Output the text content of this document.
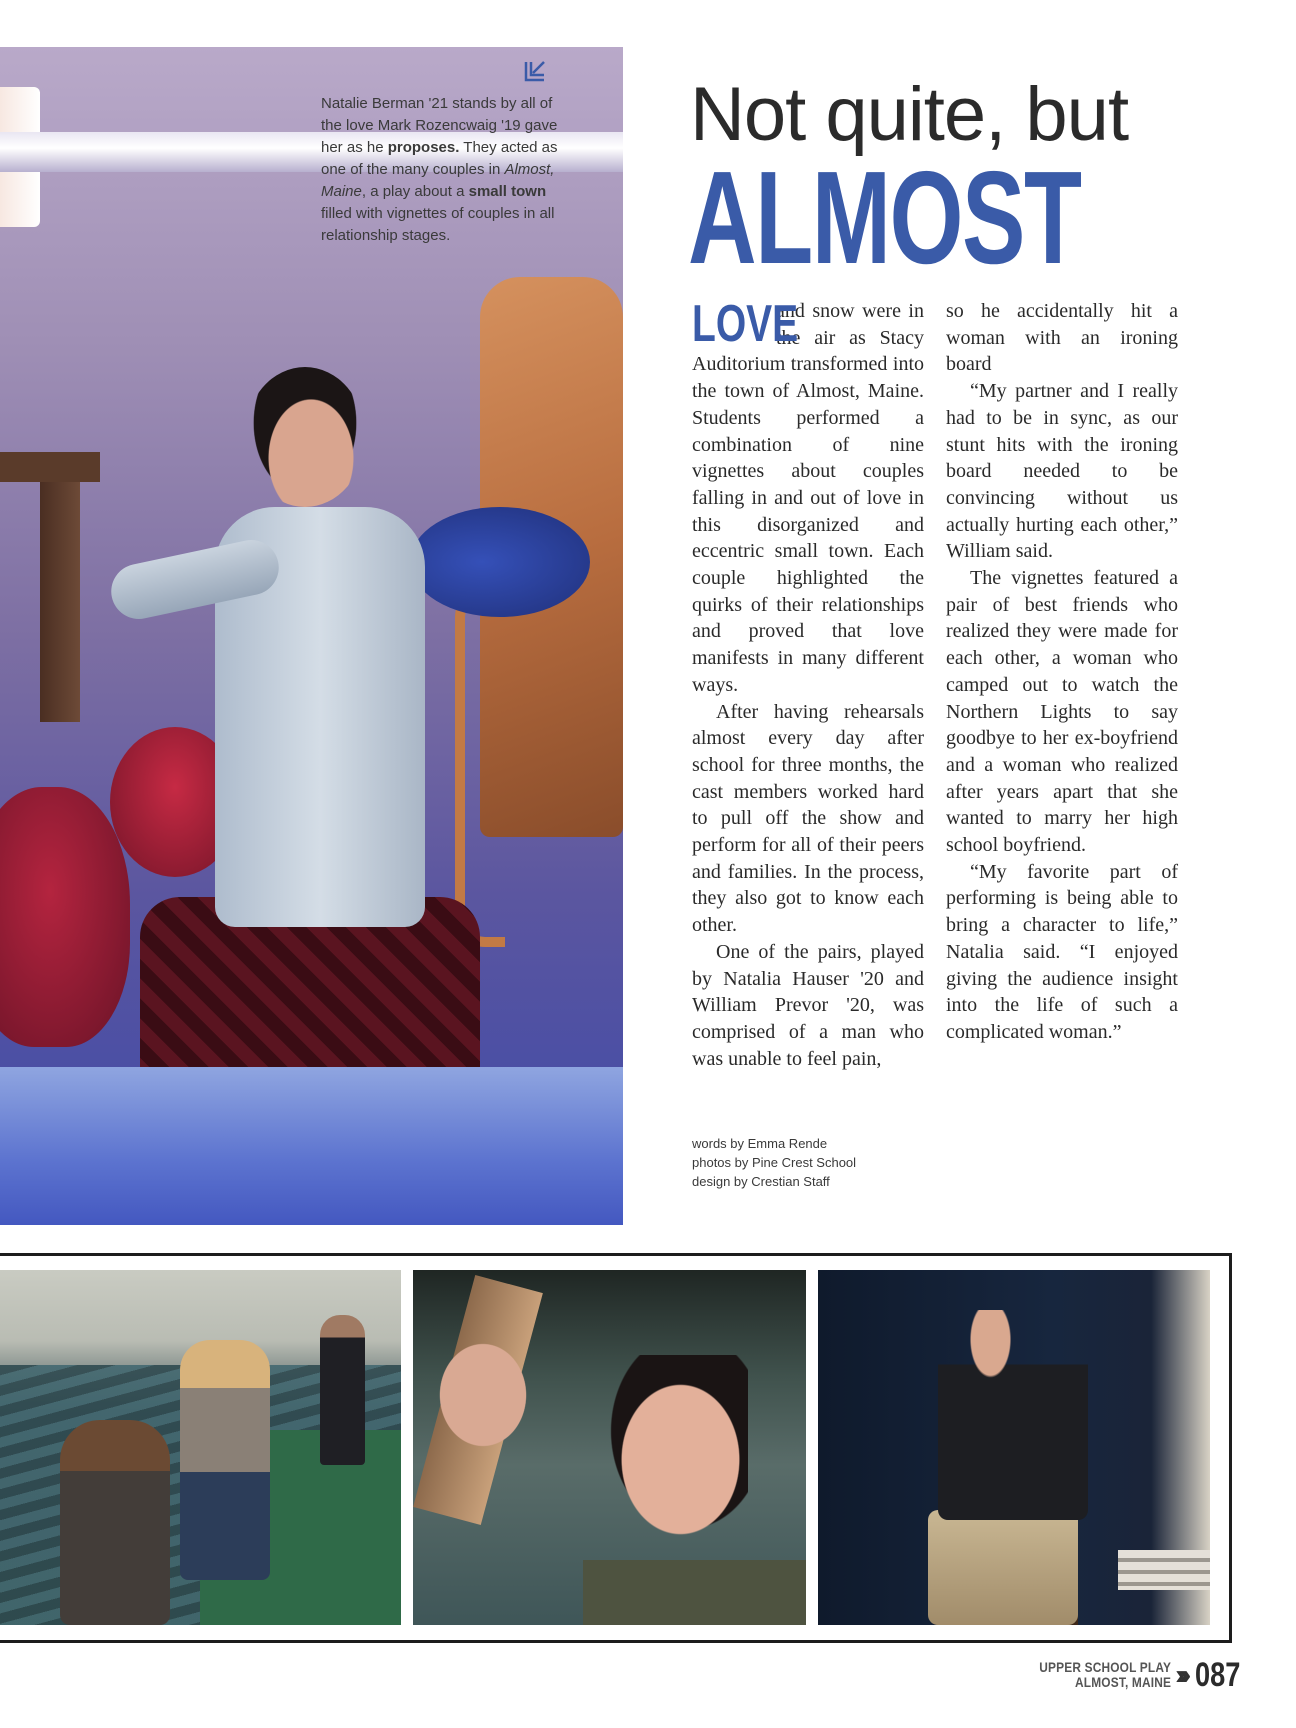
Natalie Berman '21 stands by all of the love Mark Rozencwaig '19 gave her as he proposes. They acted as one of the many couples in Almost, Maine, a play about a small town filled with vignettes of couples in all relationship stages.
Not quite, but
ALMOST

LOVE
and snow were in the air as Stacy Auditorium transformed into the town of Almost, Maine. Students performed a combination of nine vignettes about couples falling in and out of love in this disorganized and eccentric small town. Each couple highlighted the quirks of their relationships and proved that love manifests in many different ways.

After having rehearsals almost every day after school for three months, the cast members worked hard to pull off the show and perform for all of their peers and families. In the process, they also got to know each other.

One of the pairs, played by Natalia Hauser '20 and William Prevor '20, was comprised of a man who was unable to feel pain,

so he accidentally hit a woman with an ironing board

“My partner and I really had to be in sync, as our stunt hits with the ironing board needed to be convincing without us actually hurting each other,” William said.

The vignettes featured a pair of best friends who realized they were made for each other, a woman who camped out to watch the Northern Lights to say goodbye to her ex-boyfriend and a woman who realized after years apart that she wanted to marry her high school boyfriend.

“My favorite part of performing is being able to bring a character to life,” Natalia said. “I enjoyed giving the audience insight into the life of such a complicated woman.”

words by Emma Rende
photos by Pine Crest School
design by Crestian Staff
UPPER SCHOOL PLAY
ALMOST, MAINE ››› 087
